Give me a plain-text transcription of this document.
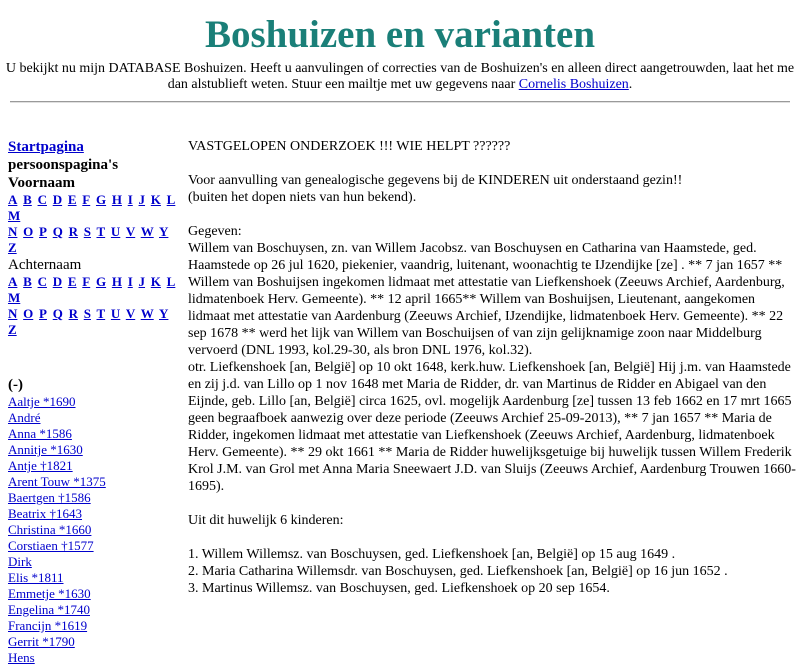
Boshuizen en varianten
U bekijkt nu mijn DATABASE Boshuizen. Heeft u aanvulingen of correcties van de Boshuizen's en alleen direct aangetrouwden, laat het me dan alstublieft weten. Stuur een mailtje met uw gegevens naar Cornelis Boshuizen.
Startpagina
persoonspagina's
Voornaam
A B C D E F G H I J K L M
N O P Q R S T U V W Y Z
Achternaam
A B C D E F G H I J K L M
N O P Q R S T U V W Y Z
(-)
Aaltje *1690
André
Anna *1586
Annitje *1630
Antje †1821
Arent Touw *1375
Baertgen †1586
Beatrix †1643
Christina *1660
Corstiaen †1577
Dirk
Elis *1811
Emmetje *1630
Engelina *1740
Francijn *1619
Gerrit *1790
Hens

VASTGELOPEN ONDERZOEK !!! WIE HELPT ??????

Voor aanvulling van genealogische gegevens bij de KINDEREN uit onderstaand gezin!!

(buiten het dopen niets van hun bekend).

Gegeven:

Willem van Boschuysen, zn. van Willem Jacobsz. van Boschuysen en Catharina van Haamstede, ged. Haamstede op 26 jul 1620, piekenier, vaandrig, luitenant, woonachtig te IJzendijke [ze] . ** 7 jan 1657 ** Willem van Boshuijsen ingekomen lidmaat met attestatie van Liefkenshoek (Zeeuws Archief, Aardenburg, lidmatenboek Herv. Gemeente). ** 12 april 1665** Willem van Boshuijsen, Lieutenant, aangekomen lidmaat met attestatie van Aardenburg (Zeeuws Archief, IJzendijke, lidmatenboek Herv. Gemeente). ** 22 sep 1678 ** werd het lijk van Willem van Boschuijsen of van zijn gelijknamige zoon naar Middelburg vervoerd (DNL 1993, kol.29-30, als bron DNL 1976, kol.32).

otr. Liefkenshoek [an, België] op 10 okt 1648, kerk.huw. Liefkenshoek [an, België] Hij j.m. van Haamstede en zij j.d. van Lillo op 1 nov 1648 met Maria de Ridder, dr. van Martinus de Ridder en Abigael van den Eijnde, geb. Lillo [an, België] circa 1625, ovl. mogelijk Aardenburg [ze] tussen 13 feb 1662 en 17 mrt 1665 geen begraafboek aanwezig over deze periode (Zeeuws Archief 25-09-2013), ** 7 jan 1657 ** Maria de Ridder, ingekomen lidmaat met attestatie van Liefkenshoek (Zeeuws Archief, Aardenburg, lidmatenboek Herv. Gemeente). ** 29 okt 1661 ** Maria de Ridder huwelijksgetuige bij huwelijk tussen Willem Frederik Krol J.M. van Grol met Anna Maria Sneewaert J.D. van Sluijs (Zeeuws Archief, Aardenburg Trouwen 1660-1695).

Uit dit huwelijk 6 kinderen:

1. Willem Willemsz. van Boschuysen, ged. Liefkenshoek [an, België] op 15 aug 1649 .

2. Maria Catharina Willemsdr. van Boschuysen, ged. Liefkenshoek [an, België] op 16 jun 1652 .

3. Martinus Willemsz. van Boschuysen, ged. Liefkenshoek op 20 sep 1654.
